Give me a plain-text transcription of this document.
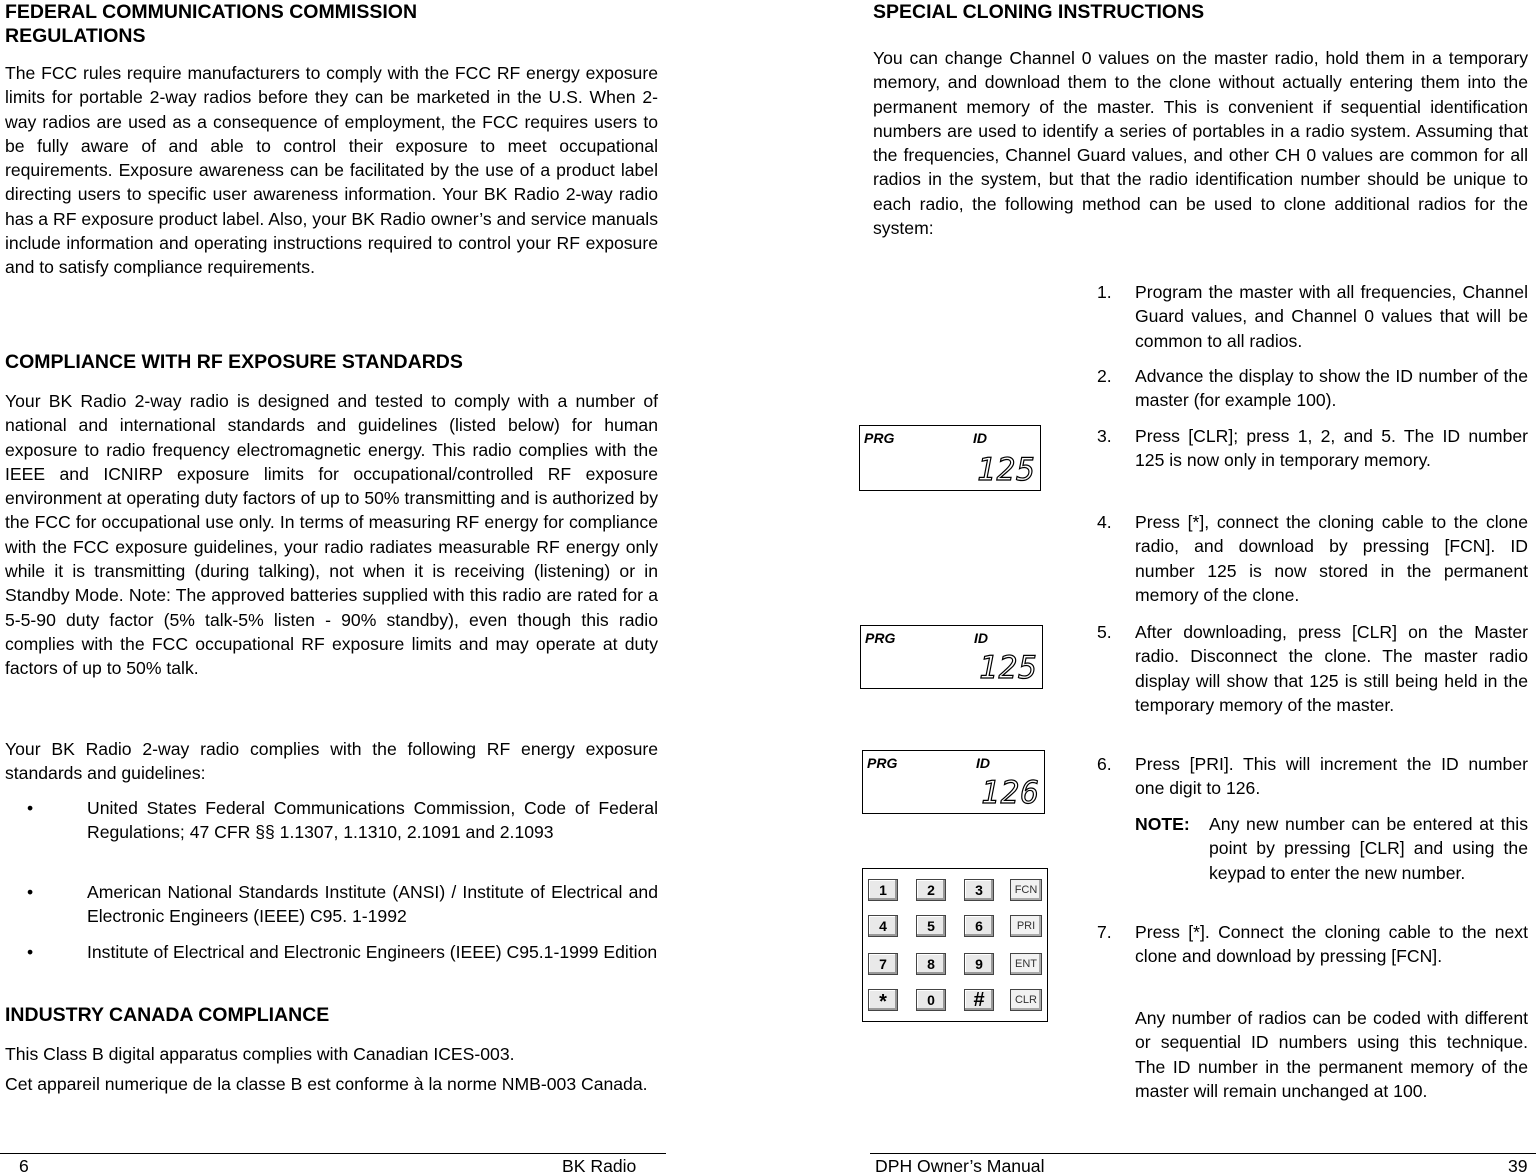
FEDERAL COMMUNICATIONS COMMISSION REGULATIONS

The FCC rules require manufacturers to comply with the FCC RF energy exposure limits for portable 2-way radios before they can be marketed in the U.S. When 2-way radios are used as a consequence of employment, the FCC requires users to be fully aware of and able to control their exposure to meet occupational requirements. Exposure awareness can be facilitated by the use of a product label directing users to specific user awareness information. Your BK Radio 2-way radio has a RF exposure product label. Also, your BK Radio owner’s and service manuals include information and operating instructions required to control your RF exposure and to satisfy compliance requirements.

COMPLIANCE WITH RF EXPOSURE STANDARDS

Your BK Radio 2-way radio is designed and tested to comply with a number of national and international standards and guidelines (listed below) for human exposure to radio frequency electromagnetic energy. This radio complies with the IEEE and ICNIRP exposure limits for occupational/controlled RF exposure environment at operating duty factors of up to 50% transmitting and is authorized by the FCC for occupational use only. In terms of measuring RF energy for compliance with the FCC exposure guidelines, your radio radiates measurable RF energy only while it is transmitting (during talking), not when it is receiving (listening) or in Standby Mode. Note: The approved batteries supplied with this radio are rated for a 5-5-90 duty factor (5% talk-5% listen - 90% standby), even though this radio complies with the FCC occupational RF exposure limits and may operate at duty factors of up to 50% talk.

Your BK Radio 2-way radio complies with the following RF energy exposure standards and guidelines:

•	United States Federal Communications Commission, Code of Federal Regulations; 47 CFR §§ 1.1307, 1.1310, 2.1091 and 2.1093
•	American National Standards Institute (ANSI) / Institute of Electrical and Electronic Engineers (IEEE) C95. 1-1992
•	Institute of Electrical and Electronic Engineers (IEEE) C95.1-1999 Edition
INDUSTRY CANADA COMPLIANCE

This Class B digital apparatus complies with Canadian ICES-003.

Cet appareil numerique de la classe B est conforme à la norme NMB-003 Canada.

6	BK Radio
SPECIAL CLONING INSTRUCTIONS

You can change Channel 0 values on the master radio, hold them in a temporary memory, and download them to the clone without actually entering them into the permanent memory of the master. This is convenient if sequential identification numbers are used to identify a series of portables in a radio system. Assuming that the frequencies, Channel Guard values, and other CH 0 values are common for all radios in the system, but that the radio identification number should be unique to each radio, the following method can be used to clone additional radios for the system:

1. Program the master with all frequencies, Channel Guard values, and Channel 0 values that will be common to all radios.
2. Advance the display to show the ID number of the master (for example 100).
3. Press [CLR]; press 1, 2, and 5. The ID number 125 is now only in temporary memory.
4. Press [*], connect the cloning cable to the clone radio, and download by pressing [FCN]. ID number 125 is now stored in the permanent memory of the clone.
5. After downloading, press [CLR] on the Master radio. Disconnect the clone. The master radio display will show that 125 is still being held in the temporary memory of the master.
6. Press [PRI]. This will increment the ID number one digit to 126.
NOTE: Any new number can be entered at this point by pressing [CLR] and using the keypad to enter the new number.
7. Press [*]. Connect the cloning cable to the next clone and download by pressing [FCN].

Any number of radios can be coded with different or sequential ID numbers using this technique. The ID number in the permanent memory of the master will remain unchanged at 100.

PRG	ID
125
PRG	ID
125
PRG	ID
126
1	2	3	FCN
4	5	6	PRI
7	8	9	ENT
*	0	#	CLR
DPH Owner’s Manual	39
